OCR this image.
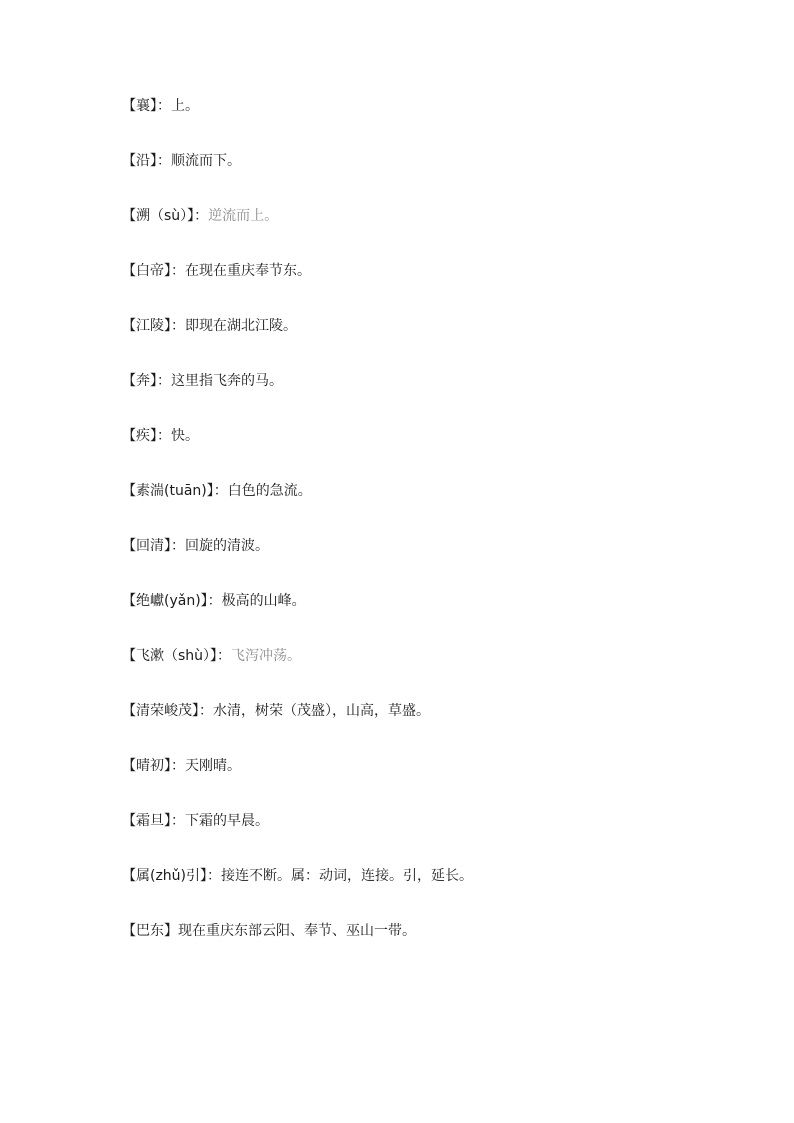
【襄】：上。
【沿】：顺流而下。
【溯（sù）】：逆流而上。
【白帝】：在现在重庆奉节东。
【江陵】：即现在湖北江陵。
【奔】：这里指飞奔的马。
【疾】：快。
【素湍(tuān)】：白色的急流。
【回清】：回旋的清波。
【绝巘(yǎn)】：极高的山峰。
【飞漱（shù）】：飞泻冲荡。
【清荣峻茂】：水清，树荣（茂盛），山高，草盛。
【晴初】：天刚晴。
【霜旦】：下霜的早晨。
【属(zhǔ)引】：接连不断。属：动词，连接。引，延长。
【巴东】现在重庆东部云阳、奉节、巫山一带。
